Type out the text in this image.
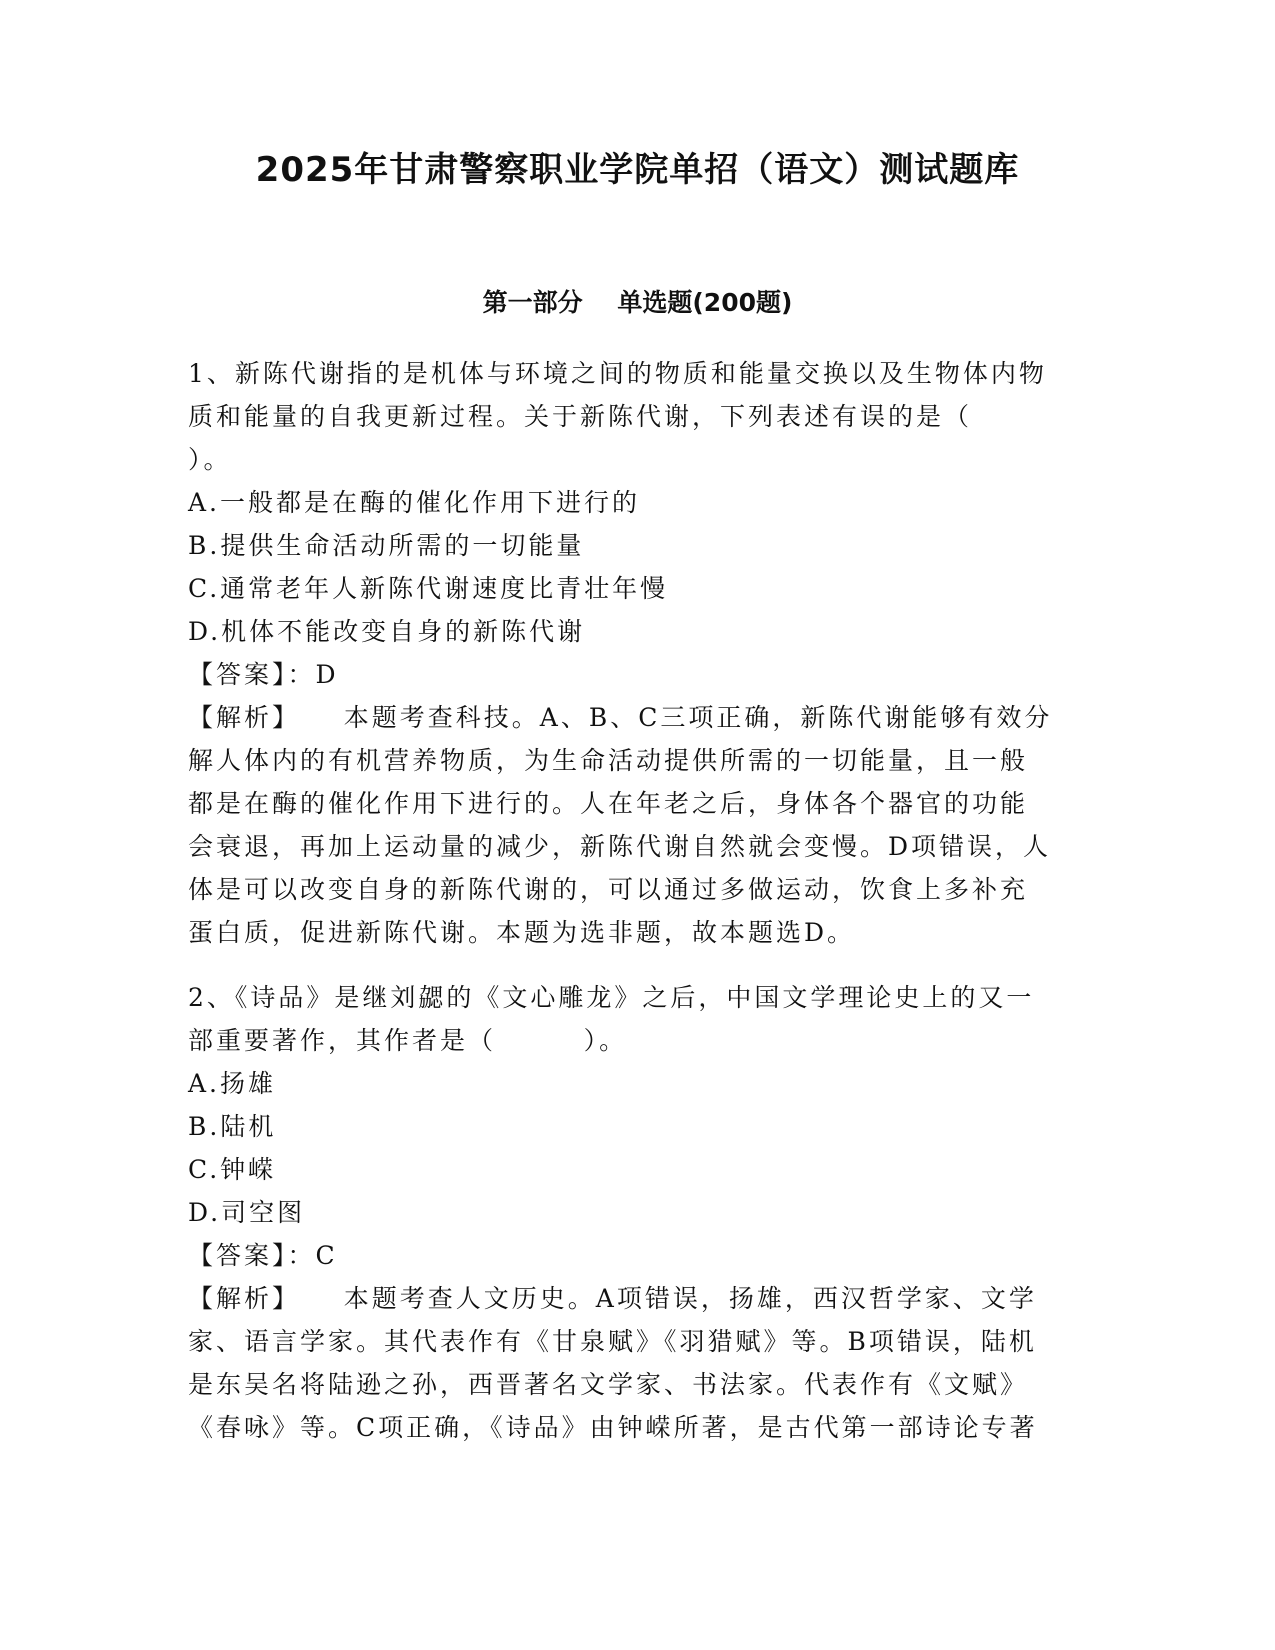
2025年甘肃警察职业学院单招（语文）测试题库
第一部分    单选题(200题)
1、新陈代谢指的是机体与环境之间的物质和能量交换以及生物体内物
质和能量的自我更新过程。关于新陈代谢，下列表述有误的是（
）。
A.一般都是在酶的催化作用下进行的
B.提供生命活动所需的一切能量
C.通常老年人新陈代谢速度比青壮年慢
D.机体不能改变自身的新陈代谢
【答案】：D
【解析】    本题考查科技。A、B、C三项正确，新陈代谢能够有效分
解人体内的有机营养物质，为生命活动提供所需的一切能量，且一般
都是在酶的催化作用下进行的。人在年老之后，身体各个器官的功能
会衰退，再加上运动量的减少，新陈代谢自然就会变慢。D项错误，人
体是可以改变自身的新陈代谢的，可以通过多做运动，饮食上多补充
蛋白质，促进新陈代谢。本题为选非题，故本题选D。
2、《诗品》是继刘勰的《文心雕龙》之后，中国文学理论史上的又一
部重要著作，其作者是（        ）。
A.扬雄
B.陆机
C.钟嵘
D.司空图
【答案】：C
【解析】    本题考查人文历史。A项错误，扬雄，西汉哲学家、文学
家、语言学家。其代表作有《甘泉赋》《羽猎赋》等。B项错误，陆机
是东吴名将陆逊之孙，西晋著名文学家、书法家。代表作有《文赋》
《春咏》等。C项正确，《诗品》由钟嵘所著，是古代第一部诗论专著
